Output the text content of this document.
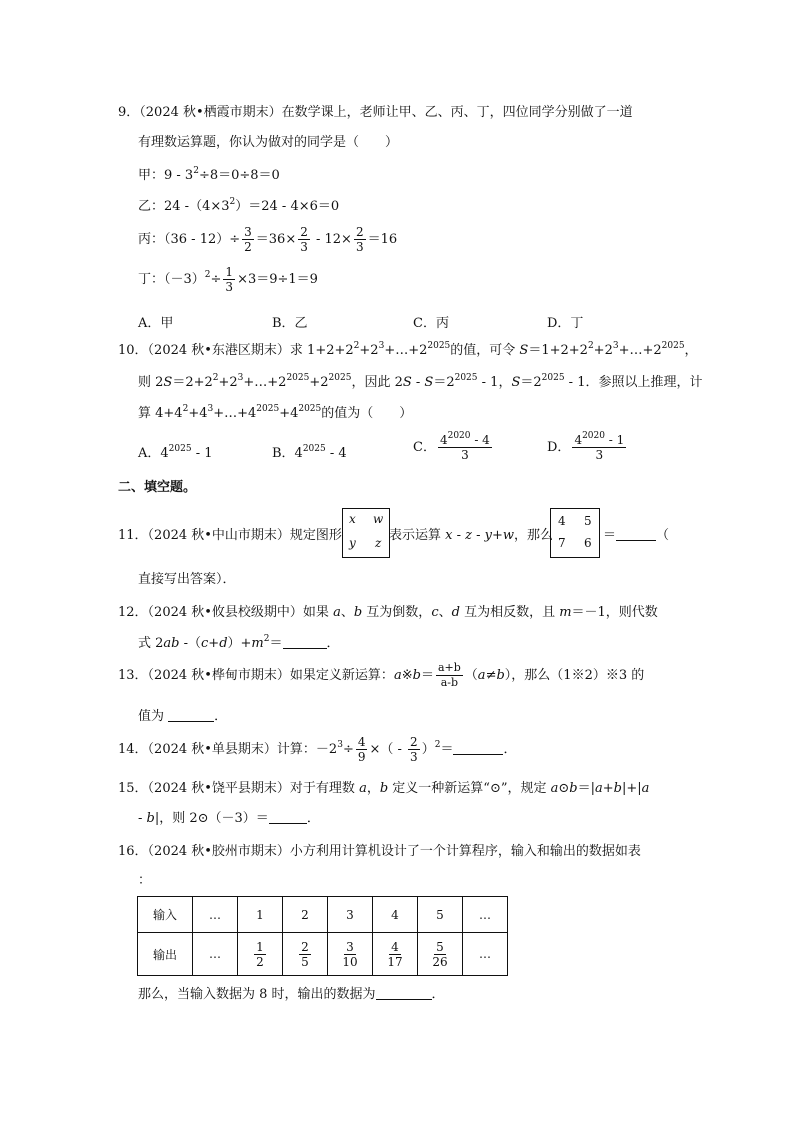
9．（2024 秋•栖霞市期末）在数学课上，老师让甲、乙、丙、丁，四位同学分别做了一道
有理数运算题，你认为做对的同学是（　　）
甲：$9 - 3^2\div 8=0\div 8=0$
乙：24 $-(4\times 3^2)=24 - 4\times 6=0$
丙：$(36 - 12)\div \frac{3}{2} =36\times \frac{2}{3} - 12\times \frac{2}{3} =16$
丁：$(-3)^2\div \frac{1}{3} \times 3=9\div 1=9$
A．甲	B．乙	C．丙	D．丁
10．（2024 秋•东港区期末）求 $1+2+2^2+2^3+\dots+2^{2025}$的值，可令 $S=1+2+2^2+2^3+\dots+2^{2025}$，
则 $2S=2+2^2+2^3+\dots+2^{2025}+2^{2025}$，因此 $2S - S=2^{2025} - 1$，$S=2^{2025} - 1$．参照以上推理，计
算 $4+4^2+4^3+\dots+4^{2025}+4^{2025}$的值为（　　）
A．$4^{2025} - 1$	B．$4^{2025} - 4$	C． $\frac{4^{2020} - 4}{3}$	D． $\frac{4^{2020} - 1}{3}$
二、填空题。
11．（2024 秋•中山市期末）规定图形
x w
y z 表示运算 x - z - y+w，那么
4 5
7 6 ＝	（
直接写出答案）．
12．（2024 秋•攸县校级期中）如果 a、b 互为倒数，c、d 互为相反数，且 m＝－1，则代数
式 2ab $-(c+d)+m^2=$	．
13．（2024 秋•桦甸市期末）如果定义新运算：a※b＝ $\frac{a+b}{a-b} (a\ne b)$，那么（1※2）※3 的
值为	．
14．（2024 秋•单县期末）计算：$-2^3\div \frac{4}{9}$ ×（ - $\frac{2}{3} )^2=$	．
15．（2024 秋•饶平县期末）对于有理数 a，b 定义一种新运算“⊙”，规定 a⊙b＝|a+b|+|a
- b|，则 2⊙（－3）＝	．
16．（2024 秋•胶州市期末）小方利用计算机设计了一个计算程序，输入和输出的数据如表
：
输入	…	1	2	3	4	5	…
输出	…	$\frac{1}{2}$	$\frac{2}{5}$	$\frac{3}{10}$	$\frac{4}{17}$	$\frac{5}{26}$	…
那么，当输入数据为 8 时，输出的数据为	．
